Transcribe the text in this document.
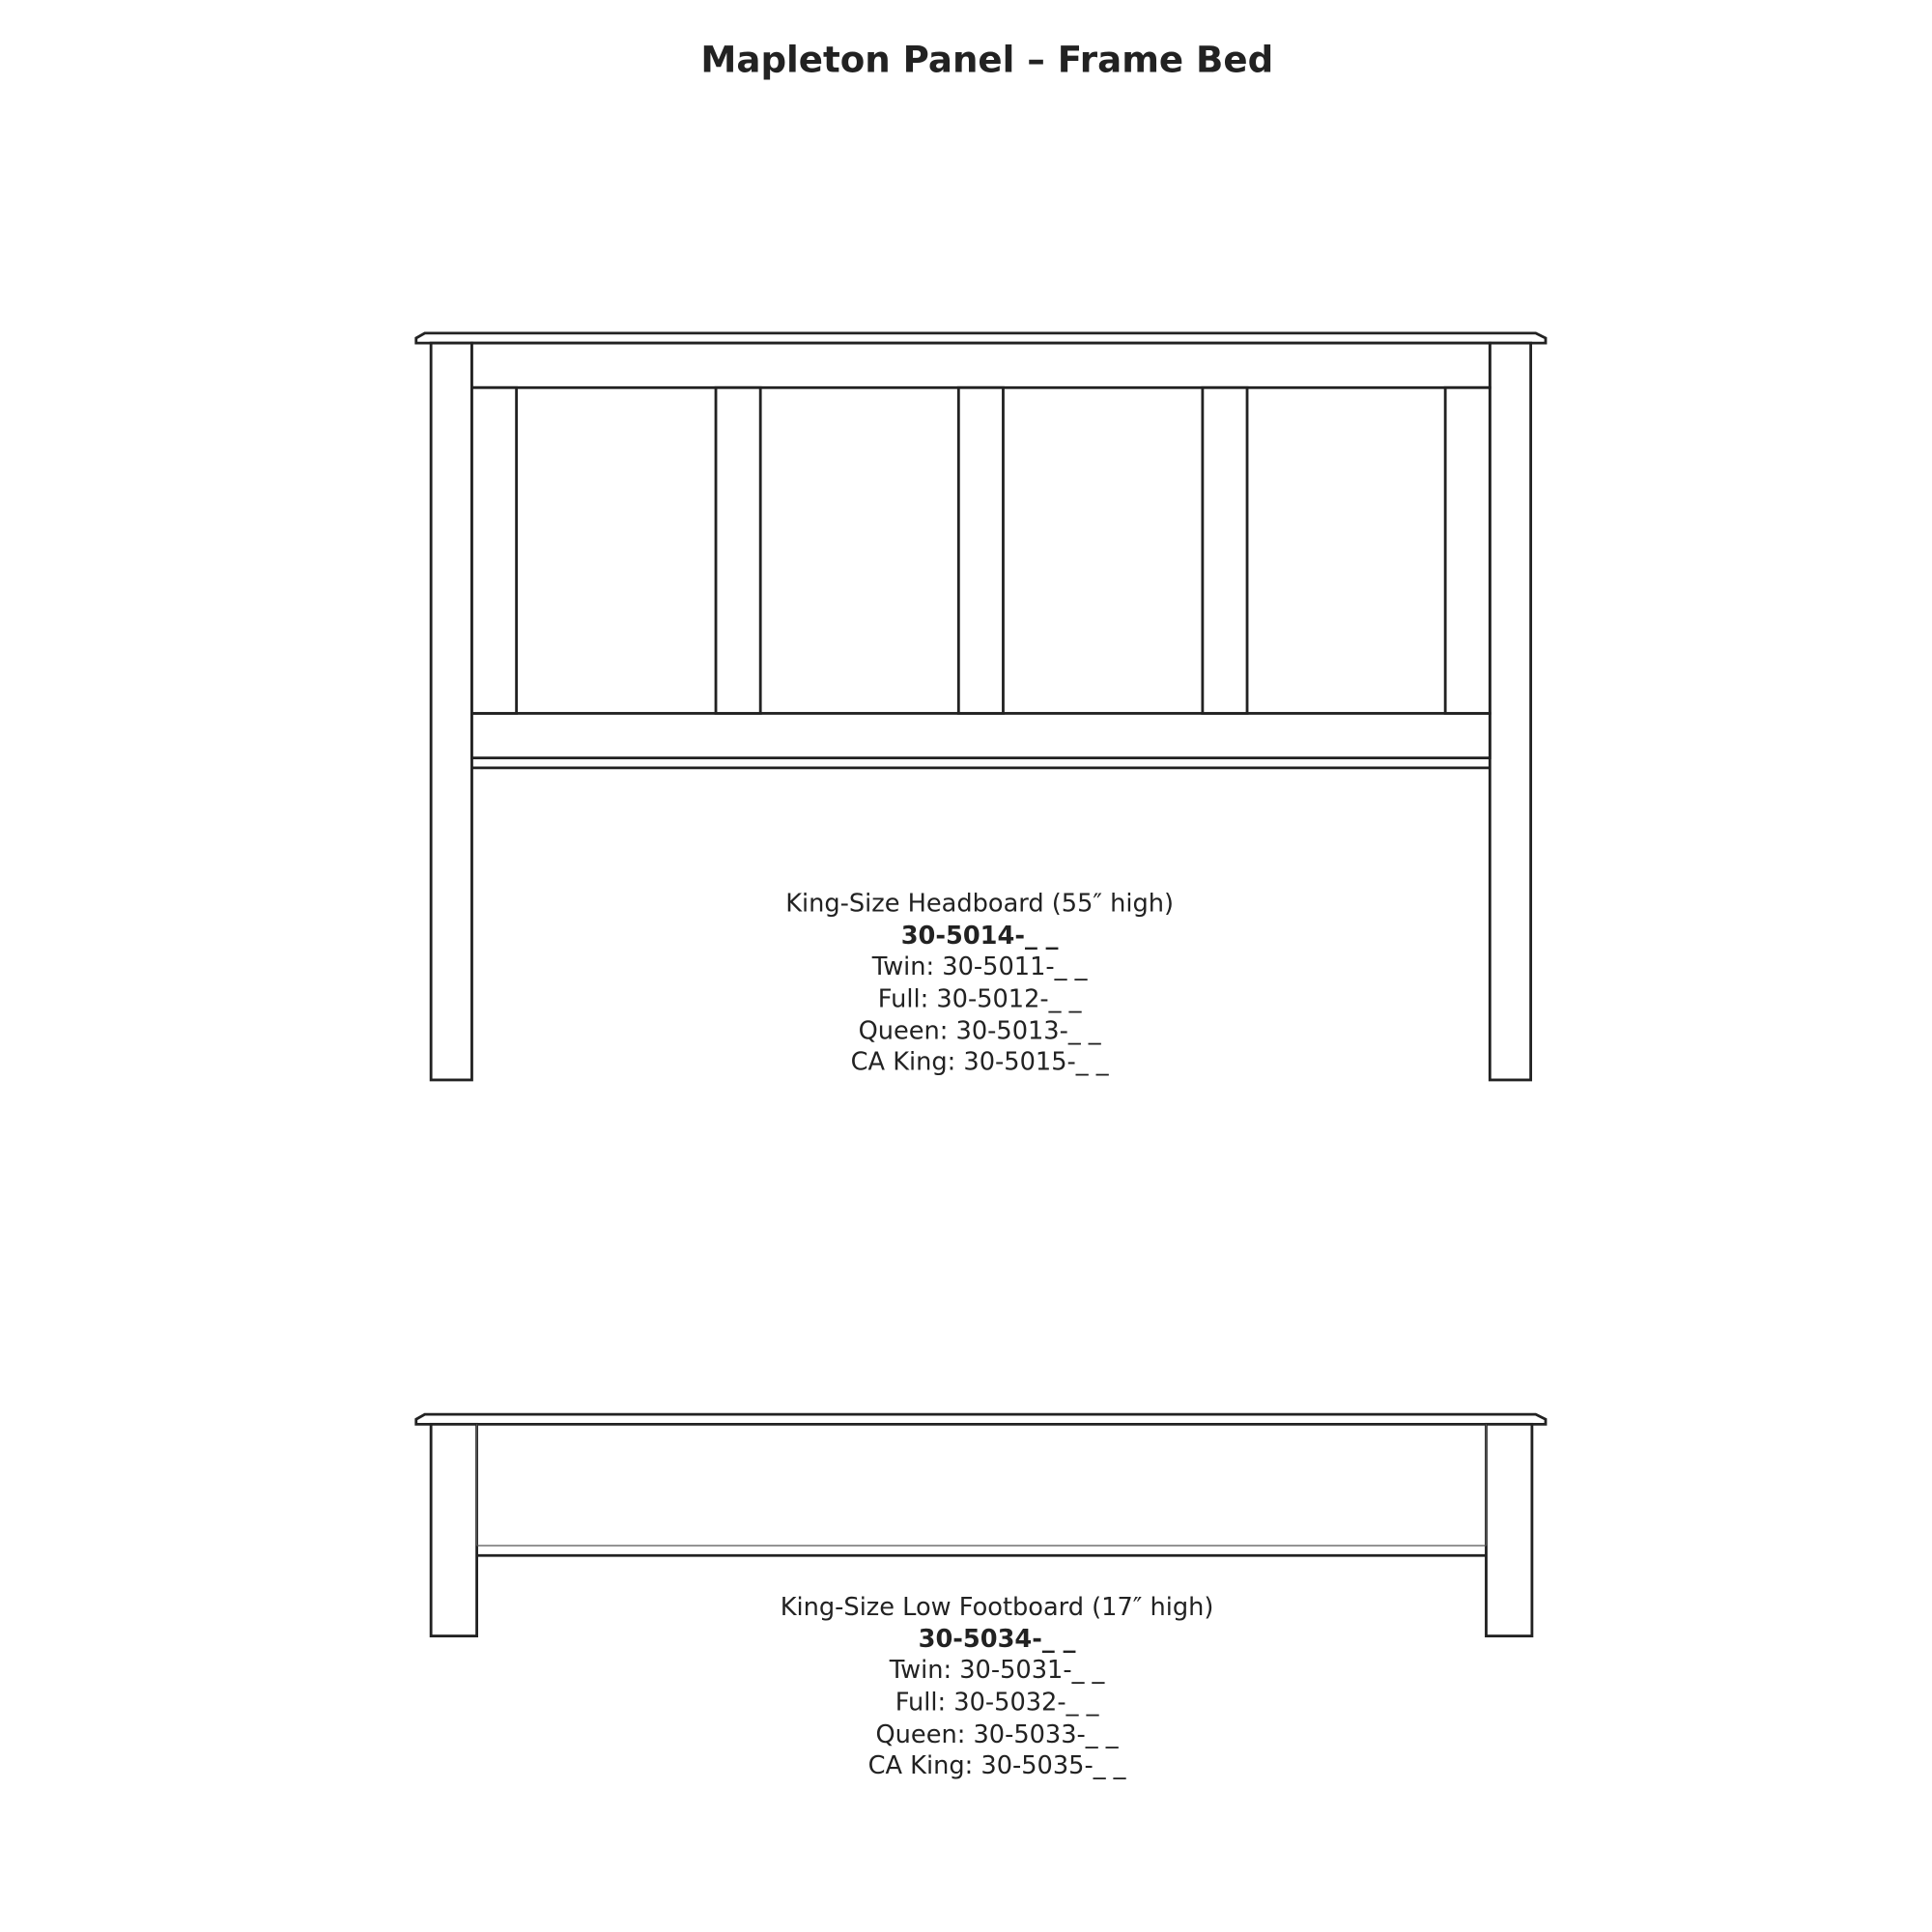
Mapleton Panel – Frame Bed
King-Size Headboard (55″ high)
30-5014-_ _
Twin: 30-5011-_ _
Full: 30-5012-_ _
Queen: 30-5013-_ _
CA King: 30-5015-_ _
King-Size Low Footboard (17″ high)
30-5034-_ _
Twin: 30-5031-_ _
Full: 30-5032-_ _
Queen: 30-5033-_ _
CA King: 30-5035-_ _
